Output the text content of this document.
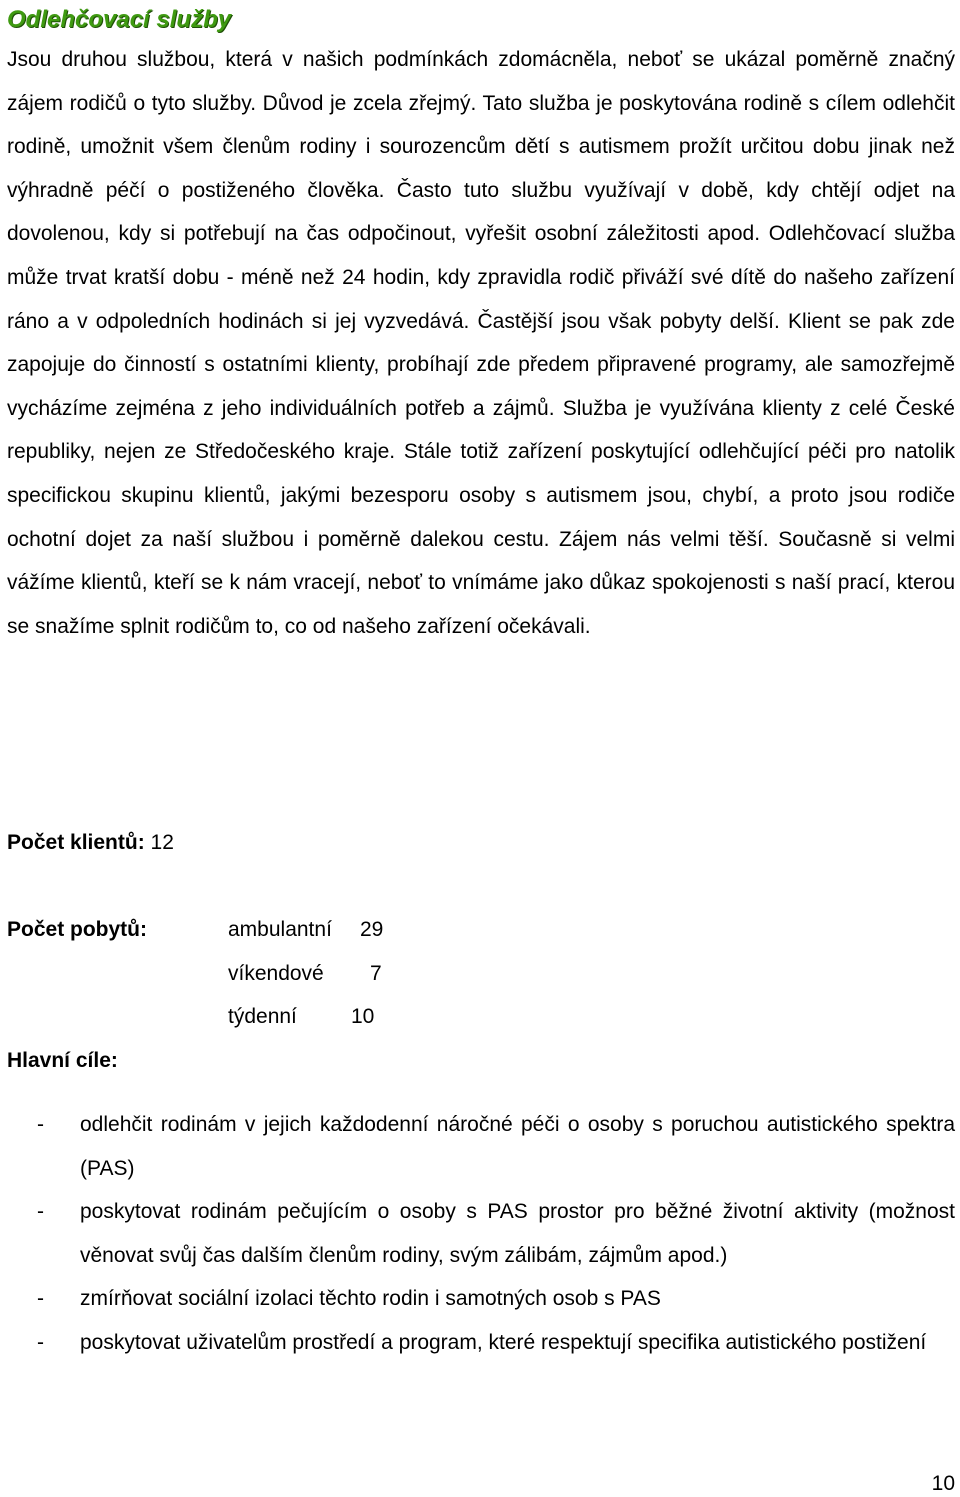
Odlehčovací služby

Jsou druhou službou, která v našich podmínkách zdomácněla, neboť se ukázal poměrně značný zájem rodičů o tyto služby. Důvod je zcela zřejmý. Tato služba je poskytována rodině s cílem odlehčit rodině, umožnit všem členům rodiny i sourozencům dětí s autismem prožít určitou dobu jinak než výhradně péčí o postiženého člověka. Často tuto službu využívají v době, kdy chtějí odjet na dovolenou, kdy si potřebují na čas odpočinout, vyřešit osobní záležitosti apod. Odlehčovací služba může trvat kratší dobu - méně než 24 hodin, kdy zpravidla rodič přiváží své dítě do našeho zařízení ráno a v odpoledních hodinách si jej vyzvedává. Častější jsou však pobyty delší. Klient se pak zde zapojuje do činností s ostatními klienty, probíhají zde předem připravené programy, ale samozřejmě vycházíme zejména z jeho individuálních potřeb a zájmů. Služba je využívána klienty z celé České republiky, nejen ze Středočeského kraje. Stále totiž zařízení poskytující odlehčující péči pro natolik specifickou skupinu klientů, jakými bezesporu osoby s autismem jsou, chybí, a proto jsou rodiče ochotní dojet za naší službou i poměrně dalekou cestu. Zájem nás velmi těší. Současně si velmi vážíme klientů, kteří se k nám vracejí, neboť to vnímáme jako důkaz spokojenosti s naší prací, kterou se snažíme splnit rodičům to, co od našeho zařízení očekávali.

Počet klientů: 12

Počet pobytů:	ambulantní 29
víkendové 7
týdenní	10

Hlavní cíle:

- odlehčit rodinám v jejich každodenní náročné péči o osoby s poruchou autistického spektra (PAS)
- poskytovat rodinám pečujícím o osoby s PAS prostor pro běžné životní aktivity (možnost věnovat svůj čas dalším členům rodiny, svým zálibám, zájmům apod.)
- zmírňovat sociální izolaci těchto rodin i samotných osob s PAS
- poskytovat uživatelům prostředí a program, které respektují specifika autistického postižení
10
